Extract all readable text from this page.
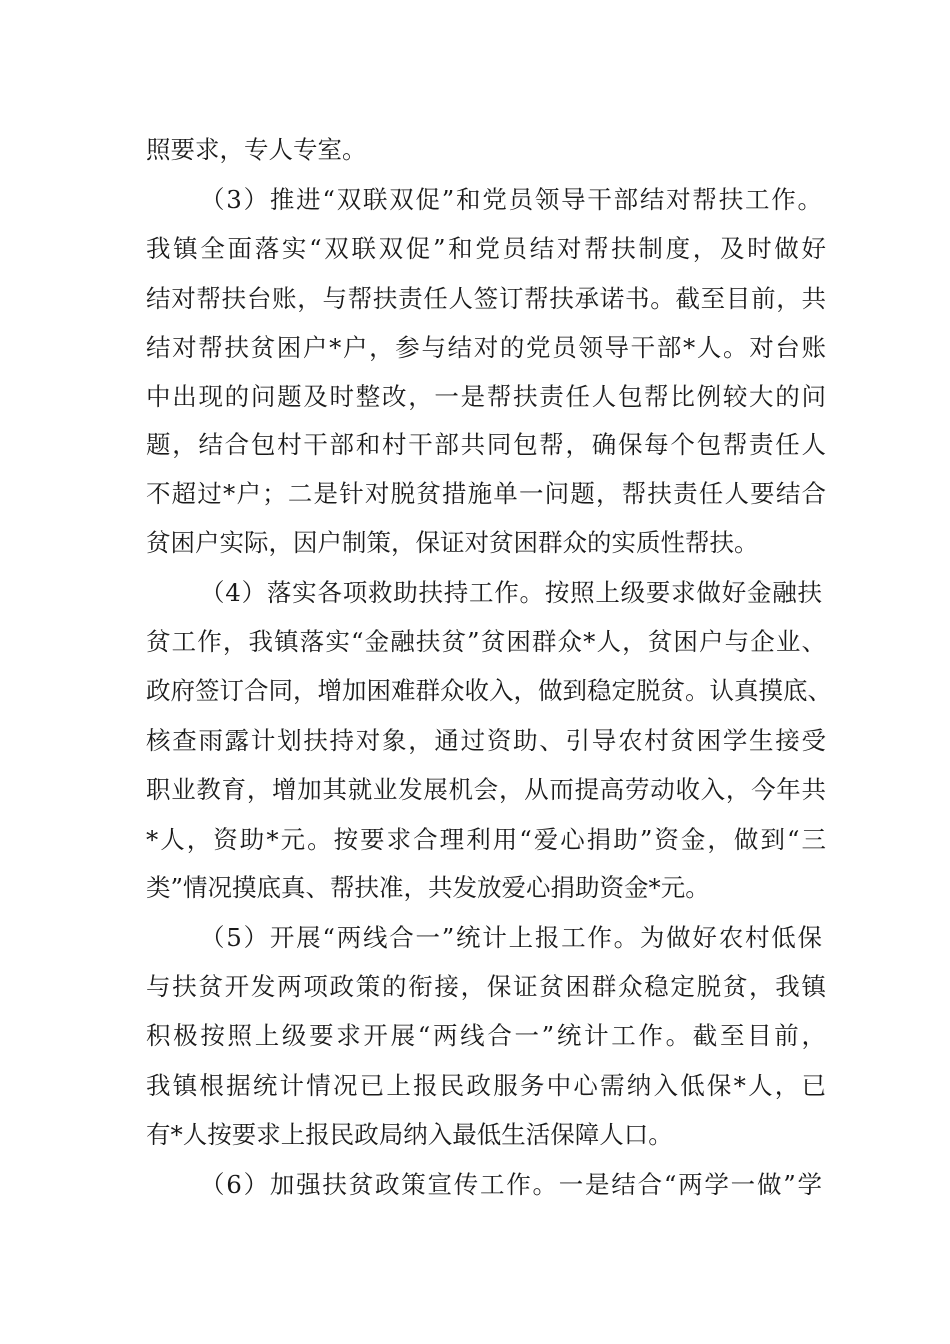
照要求，专人专室。
（3）推进“双联双促”和党员领导干部结对帮扶工作。
我镇全面落实“双联双促”和党员结对帮扶制度，及时做好
结对帮扶台账，与帮扶责任人签订帮扶承诺书。截至目前，共
结对帮扶贫困户*户，参与结对的党员领导干部*人。对台账
中出现的问题及时整改，一是帮扶责任人包帮比例较大的问
题，结合包村干部和村干部共同包帮，确保每个包帮责任人
不超过*户；二是针对脱贫措施单一问题，帮扶责任人要结合
贫困户实际，因户制策，保证对贫困群众的实质性帮扶。
（4）落实各项救助扶持工作。按照上级要求做好金融扶
贫工作，我镇落实“金融扶贫”贫困群众*人，贫困户与企业、
政府签订合同，增加困难群众收入，做到稳定脱贫。认真摸底、
核查雨露计划扶持对象，通过资助、引导农村贫困学生接受
职业教育，增加其就业发展机会，从而提高劳动收入，今年共
*人，资助*元。按要求合理利用“爱心捐助”资金，做到“三
类”情况摸底真、帮扶准，共发放爱心捐助资金*元。
（5）开展“两线合一”统计上报工作。为做好农村低保
与扶贫开发两项政策的衔接，保证贫困群众稳定脱贫，我镇
积极按照上级要求开展“两线合一”统计工作。截至目前，
我镇根据统计情况已上报民政服务中心需纳入低保*人，已
有*人按要求上报民政局纳入最低生活保障人口。
（6）加强扶贫政策宣传工作。一是结合“两学一做”学
